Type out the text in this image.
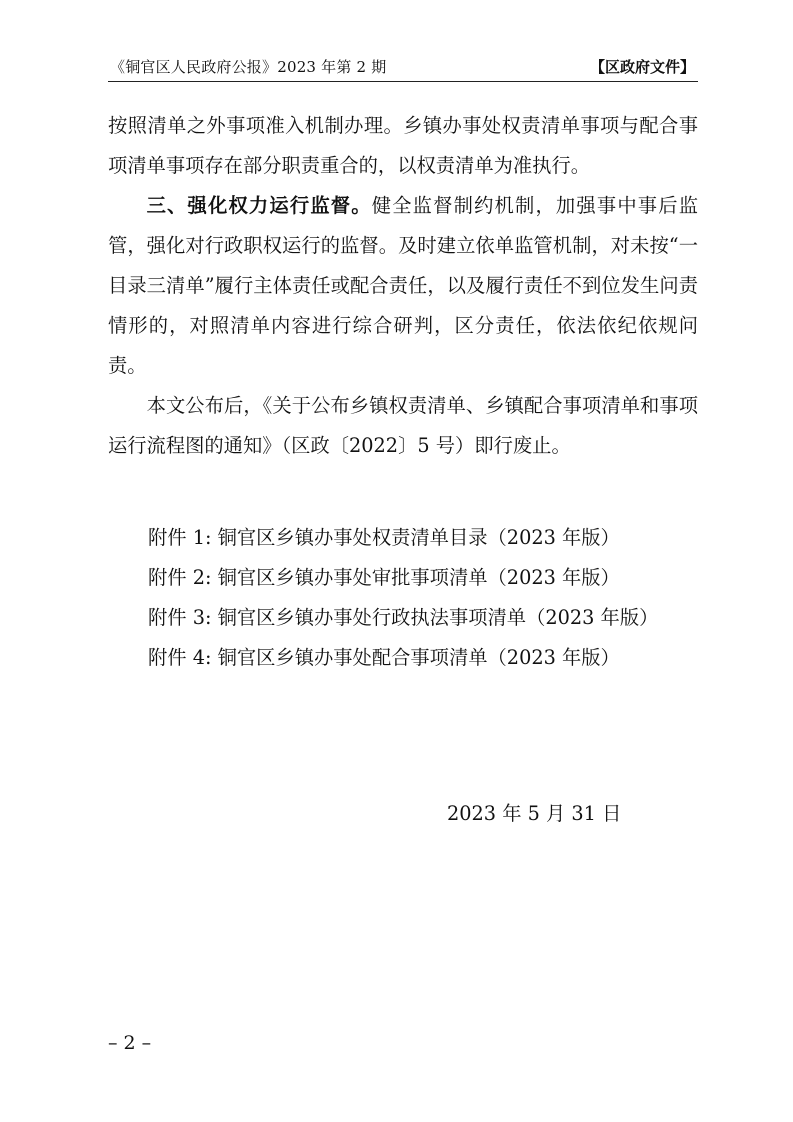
《铜官区人民政府公报》2023 年第 2 期	【区政府文件】

按照清单之外事项准入机制办理。乡镇办事处权责清单事项与配合事项清单事项存在部分职责重合的，以权责清单为准执行。

三、强化权力运行监督。健全监督制约机制，加强事中事后监管，强化对行政职权运行的监督。及时建立依单监管机制，对未按“一目录三清单”履行主体责任或配合责任，以及履行责任不到位发生问责情形的，对照清单内容进行综合研判，区分责任，依法依纪依规问责。

本文公布后，《关于公布乡镇权责清单、乡镇配合事项清单和事项运行流程图的通知》（区政〔2022〕5 号）即行废止。

附件 1: 铜官区乡镇办事处权责清单目录（2023 年版）
附件 2: 铜官区乡镇办事处审批事项清单（2023 年版）
附件 3: 铜官区乡镇办事处行政执法事项清单（2023 年版）
附件 4: 铜官区乡镇办事处配合事项清单（2023 年版）
2023 年 5 月 31 日
– 2 –
